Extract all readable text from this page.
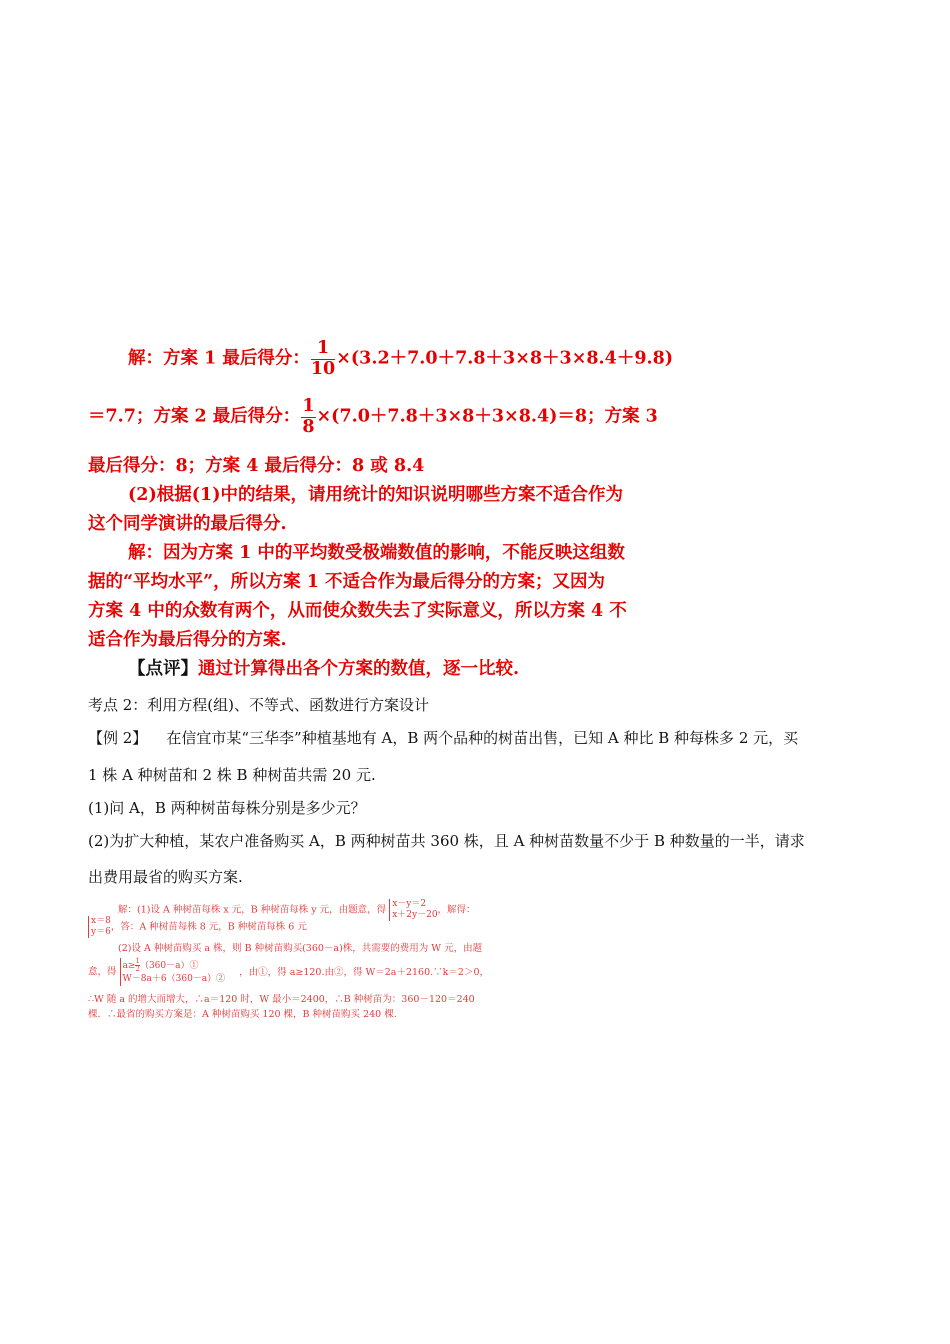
解：方案 1 最后得分： $\frac{1}{10} \times(3.2+7.0+7.8+3\times 8+3\times 8.4+9.8)$
＝7.7；方案 2 最后得分： $\frac{1}{8} \times(7.0+7.8+3\times 8+3\times 8.4)=8$；方案 3
最后得分：8；方案 4 最后得分：8 或 8.4
(2)根据(1)中的结果，请用统计的知识说明哪些方案不适合作为
这个同学演讲的最后得分.
解：因为方案 1 中的平均数受极端数值的影响，不能反映这组数
据的“平均水平”，所以方案 1 不适合作为最后得分的方案；又因为
方案 4 中的众数有两个，从而使众数失去了实际意义，所以方案 4 不
适合作为最后得分的方案.
【点评】通过计算得出各个方案的数值，逐一比较.
考点 2：利用方程(组)、不等式、函数进行方案设计
【例 2】 在信宜市某“三华李”种植基地有 A，B 两个品种的树苗出售，已知 A 种比 B 种每株多 2 元，买
1 株 A 种树苗和 2 株 B 种树苗共需 20 元.
(1)问 A，B 两种树苗每株分别是多少元？
(2)为扩大种植，某农户准备购买 A，B 两种树苗共 360 株，且 A 种树苗数量不少于 B 种数量的一半，请求
出费用最省的购买方案.
解：(1)设 A 种树苗每株 x 元，B 种树苗每株 y 元，由题意，得 x－y＝2
x＋2y－20，解得：
x＝8
y＝6，答：A 种树苗每株 8 元，B 种树苗每株 6 元
(2)设 A 种树苗购买 a 株，则 B 种树苗购买(360－a)株，共需要的费用为 W 元，由题
意，得 $a\ge \frac{1}{2}(360-a)①$
W－8a＋6（360－a）②，由①，得 a≥120.由②，得 W＝2a＋2160.∵k＝2＞0，
∴W 随 a 的增大而增大，∴a＝120 时，W 最小＝2400，∴B 种树苗为：360－120＝240
棵．∴最省的购买方案是：A 种树苗购买 120 棵，B 种树苗购买 240 棵.
